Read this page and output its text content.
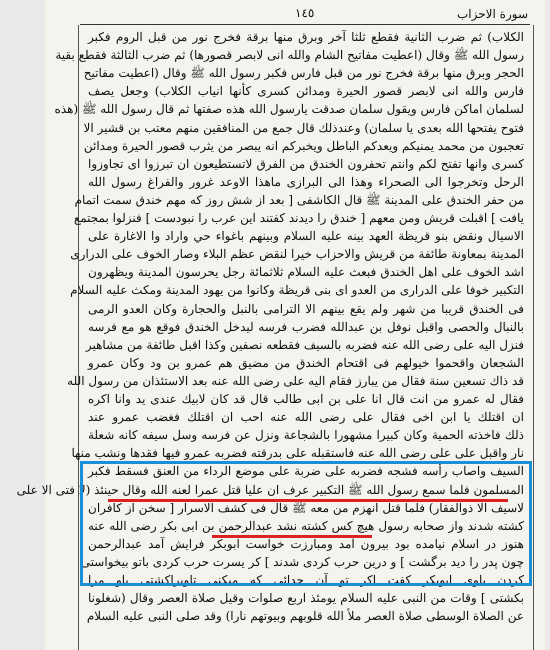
سورة الاحزاب
١٤٥
الكلاب) ثم ضرب الثانية فقطع ثلثا آخر وبرق منها برقة فخرج نور من قبل الروم فكبر
رسول الله ﷺ وقال (اعطيت مفاتيح الشام والله انى لابصر قصورها) ثم ضرب الثالثة فقطع بقية
الحجر وبرق منها برقة فخرج نور من قبل فارس فكبر رسول الله ﷺ وقال (اعطيت مفاتيح
فارس والله انى لابصر قصور الحيرة ومدائن كسرى كأنها انياب الكلاب) وجعل يصف
لسلمان اماكن فارس ويقول سلمان صدقت يارسول الله هذه صفتها ثم قال رسول الله ﷺ (هذه
فتوح يفتحها الله بعدى يا سلمان) وعندذلك قال جمع من المنافقين منهم معتب بن قشير الا
تعجبون من محمد يمنيكم ويعدكم الباطل ويخبركم انه يبصر من يثرب قصور الحيرة ومدائن
كسرى وانها تفتح لكم وانتم تحفرون الخندق من الفرق لاتستطيعون ان تبرزوا اى تجاوزوا
الرحل وتخرجوا الى الصحراء وهذا الى البرازى ماهذا الاوعد غرور والفراغ رسول الله
من حفر الخندق على المدينة ﷺ قال الكاشفى [ بعد از شش روز كه مهم خندق سمت اتمام
يافت ] اقبلت قريش ومن معهم [ خندق را ديدند كفتند اين عرب را نبودست ] فنزلوا بمجتمع
الاسيال ونقض بنو قريظة العهد بينه عليه السلام وبينهم باغواء حي واراد وا الاغارة على
المدينة بمعاونة طائفة من قريش والاحزاب خيرا لنقض عظم البلاء وصار الخوف على الدرارى
اشد الخوف على اهل الخندق فبعث عليه السلام ثلاثمائة رجل يحرسون المدينة ويظهرون
التكبير خوفا على الدرارى من العدو اى بنى قريظة وكانوا من يهود المدينة ومكث عليه السلام
فى الخندق قريبا من شهر ولم يقع بينهم الا الترامى بالنبل والحجارة وكان العدو الرمى
بالنبال والحصى واقبل نوفل بن عبدالله فضرب فرسه ليدخل الخندق فوقع هو مع فرسه
فنزل اليه على رضى الله عنه فضربه بالسيف فقطعه نصفين وكذا اقبل طائفة من مشاهير
الشجعان واقحموا خيولهم فى اقتحام الخندق من مضيق هم عمرو بن ود وكان عمرو
قد ذاك تسعين سنة فقال من يبارز فقام اليه على رضى الله عنه بعد الاستئذان من رسول الله
فقال له عمرو من انت قال انا على بن ابى طالب قال قد كان لابيك عندى يد وانا اكره
ان اقتلك يا ابن اخى فقال على رضى الله عنه احب ان اقتلك فغضب عمرو عند
ذلك فاخذته الحمية وكان كبيرا مشهورا بالشجاعة ونزل عن فرسه وسل سيفه كانه شعلة
نار واقبل على على رضى الله عنه فاستقبله على بدرقته فضربه عمرو فيها فقدها ونشب منها
السيف واصاب رأسه فشجه فضربه على ضربة على موضع الرداء من العنق فسقط فكبر
المسلمون فلما سمع رسول الله ﷺ التكبير عرف ان عليا قتل عمرا لعنه الله وقال حينئذ (لا فتى الا على
لاسيف الا ذوالفقار) فلما قتل انهزم من معه ﷺ قال فى كشف الاسرار [ سخن از كافران
كشته شدند واز صحابه رسول هيچ كس كشته نشد عبدالرحمن بن ابى بكر رضى الله عنه
هنوز در اسلام نيامده بود بيرون آمد ومبارزت خواست ابوبكر فرايش آمد عبدالرحمن
چون پدر را ديد برگشت ] و درين حرب كردى شدند ] كر يسرت حرب كردى باتو بيخواستى
كردن باوى ابوبكر كفت اكر تو آن حدائى كه ميكنى تاويراكشتى باو مرا
بكشتى ] وقات من النبى عليه السلام يومئذ اربع صلوات وقيل صلاة العصر وقال (شغلونا
عن الصلاة الوسطى صلاة العصر ملأ الله قلوبهم وبيوتهم نارا) وقد صلى النبى عليه السلام
